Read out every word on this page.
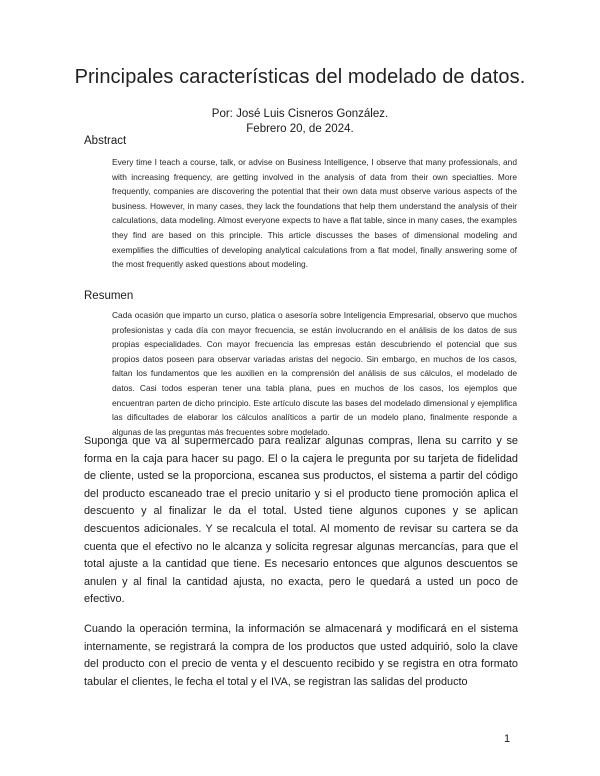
Principales características del modelado de datos.
Por: José Luis Cisneros González.
Febrero 20, de 2024.
Abstract

Every time I teach a course, talk, or advise on Business Intelligence, I observe that many professionals, and with increasing frequency, are getting involved in the analysis of data from their own specialties. More frequently, companies are discovering the potential that their own data must observe various aspects of the business. However, in many cases, they lack the foundations that help them understand the analysis of their calculations, data modeling. Almost everyone expects to have a flat table, since in many cases, the examples they find are based on this principle. This article discusses the bases of dimensional modeling and exemplifies the difficulties of developing analytical calculations from a flat model, finally answering some of the most frequently asked questions about modeling.

Resumen

Cada ocasión que imparto un curso, platica o asesoría sobre Inteligencia Empresarial, observo que muchos profesionistas y cada día con mayor frecuencia, se están involucrando en el análisis de los datos de sus propias especialidades. Con mayor frecuencia las empresas están descubriendo el potencial que sus propios datos poseen para observar variadas aristas del negocio. Sin embargo, en muchos de los casos, faltan los fundamentos que les auxilien en la comprensión del análisis de sus cálculos, el modelado de datos. Casi todos esperan tener una tabla plana, pues en muchos de los casos, los ejemplos que encuentran parten de dicho principio. Este artículo discute las bases del modelado dimensional y ejemplifica las dificultades de elaborar los cálculos analíticos a partir de un modelo plano, finalmente responde a algunas de las preguntas más frecuentes sobre modelado.

Suponga que va al supermercado para realizar algunas compras, llena su carrito y se forma en la caja para hacer su pago. El o la cajera le pregunta por su tarjeta de fidelidad de cliente, usted se la proporciona, escanea sus productos, el sistema a partir del código del producto escaneado trae el precio unitario y si el producto tiene promoción aplica el descuento y al finalizar le da el total. Usted tiene algunos cupones y se aplican descuentos adicionales. Y se recalcula el total. Al momento de revisar su cartera se da cuenta que el efectivo no le alcanza y solicita regresar algunas mercancías, para que el total ajuste a la cantidad que tiene. Es necesario entonces que algunos descuentos se anulen y al final la cantidad ajusta, no exacta, pero le quedará a usted un poco de efectivo.

Cuando la operación termina, la información se almacenará y modificará en el sistema internamente, se registrará la compra de los productos que usted adquirió, solo la clave del producto con el precio de venta y el descuento recibido y se registra en otra formato tabular el clientes, le fecha el total y el IVA, se registran las salidas del producto

1
